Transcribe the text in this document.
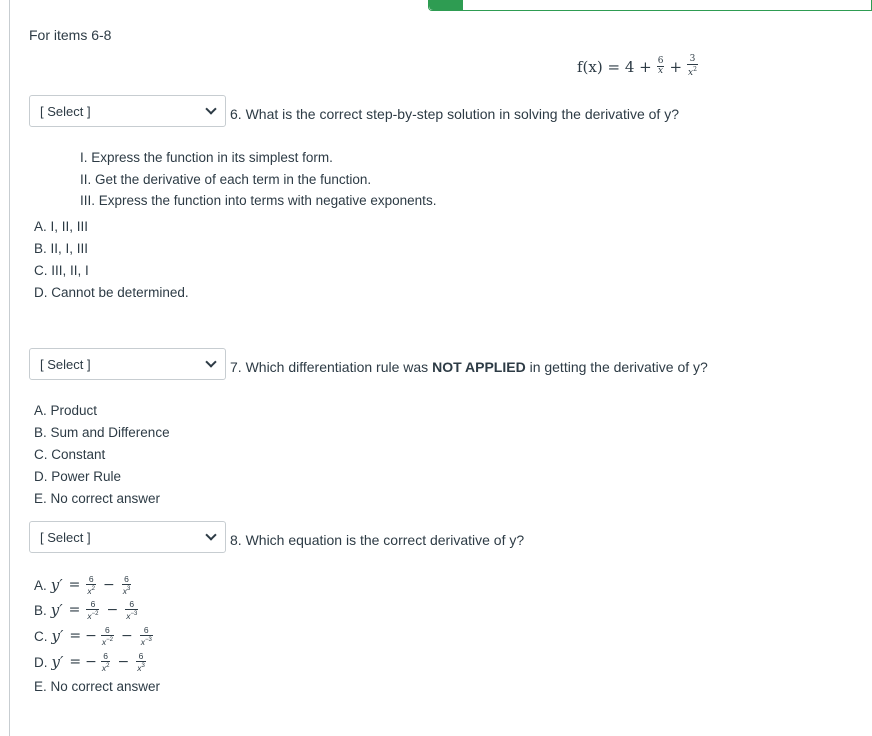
For items 6-8
$f(x) = 4 + \frac{6}{x} + \frac{3}{x^2}$
[ Select ]	6. What is the correct step-by-step solution in solving the derivative of y?
I. Express the function in its simplest form.
II. Get the derivative of each term in the function.
III. Express the function into terms with negative exponents.
A. I, II, III
B. II, I, III
C. III, II, I
D. Cannot be determined.
[ Select ]	7. Which differentiation rule was NOT APPLIED in getting the derivative of y?
A. Product
B. Sum and Difference
C. Constant
D. Power Rule
E. No correct answer
[ Select ]	8. Which equation is the correct derivative of y?
A. $y' = \frac{6}{x^2} - \frac{6}{x^3}$
B. $y' = \frac{6}{x^{-2}} - \frac{6}{x^{-3}}$
C. y′ = − $\frac{6}{x^{-2}} - \frac{6}{x^{-3}}$
D. y′ = − $\frac{6}{x^2} - \frac{6}{x^3}$
E. No correct answer
